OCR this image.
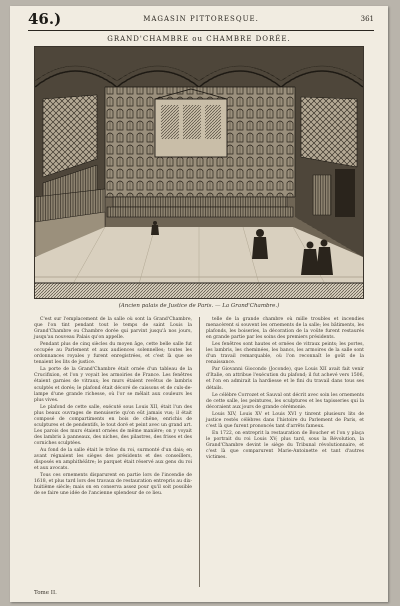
46.)	MAGASIN PITTORESQUE.	361
GRAND'CHAMBRE ou CHAMBRE DORÉE.
(Ancien palais de Justice de Paris. — La Grand'Chambre.)

C'est sur l'emplacement de la salle où sont la Grand'Chambre, que l'on tint pendant tout le temps de saint Louis la Grand'Chambre ou Chambre dorée qui parvint jusqu'à nos jours, jusqu'au nouveau Palais qu'on appelle.

Pendant plus de cinq siècles du moyen âge, cette belle salle fut occupée au Parlement et aux audiences solennelles; toutes les ordonnances royales y furent enregistrées, et c'est là que se tenaient les lits de justice.

La porte de la Grand'Chambre était ornée d'un tableau de la Crucifixion, et l'on y voyait les armoiries de France. Les fenêtres étaient garnies de vitraux; les murs étaient revêtus de lambris sculptés et dorés; le plafond était décoré de caissons et de culs-de-lampe d'une grande richesse, où l'or se mêlait aux couleurs les plus vives.

Le plafond de cette salle, exécuté sous Louis XII, était l'un des plus beaux ouvrages de menuiserie qu'on eût jamais vus; il était composé de compartiments en bois de chêne, enrichis de sculptures et de pendentifs, le tout doré et peint avec un grand art. Les parois des murs étaient ornées de même manière; on y voyait des lambris à panneaux, des niches, des pilastres, des frises et des corniches sculptées.

Au fond de la salle était le trône du roi, surmonté d'un dais; en avant régnaient les sièges des présidents et des conseillers, disposés en amphithéâtre; le parquet était réservé aux gens du roi et aux avocats.

Tous ces ornements disparurent en partie lors de l'incendie de 1618, et plus tard lors des travaux de restauration entrepris au dix-huitième siècle; mais on en conserva assez pour qu'il soit possible de se faire une idée de l'ancienne splendeur de ce lieu.

telle de la grande chambre où mille troubles et incendies menacèrent si souvent les ornements de la salle; les bâtiments, les plafonds, les boiseries, la décoration de la voûte furent restaurés en grande partie par les soins des premiers présidents.

Les fenêtres sont hautes et ornées de vitraux peints; les portes, les lambris, les cheminées, les bancs, les armoires de la salle sont d'un travail remarquable, où l'on reconnaît le goût de la renaissance.

Par Giovanni Giocondo (Joconde), que Louis XII avait fait venir d'Italie, on attribue l'exécution du plafond; il fut achevé vers 1506, et l'on en admirait la hardiesse et le fini du travail dans tous ses détails.

Le célèbre Corrozet et Sauval ont décrit avec soin les ornements de cette salle, les peintures, les sculptures et les tapisseries qui la décoraient aux jours de grande cérémonie.

Louis XIV, Louis XV et Louis XVI y tinrent plusieurs lits de justice restés célèbres dans l'histoire du Parlement de Paris, et c'est là que furent prononcés tant d'arrêts fameux.

En 1722, on entreprit la restauration de Boucher et l'on y plaça le portrait du roi Louis XV; plus tard, sous la Révolution, la Grand'Chambre devint le siège du Tribunal révolutionnaire, et c'est là que comparurent Marie-Antoinette et tant d'autres victimes.

Tome II.
